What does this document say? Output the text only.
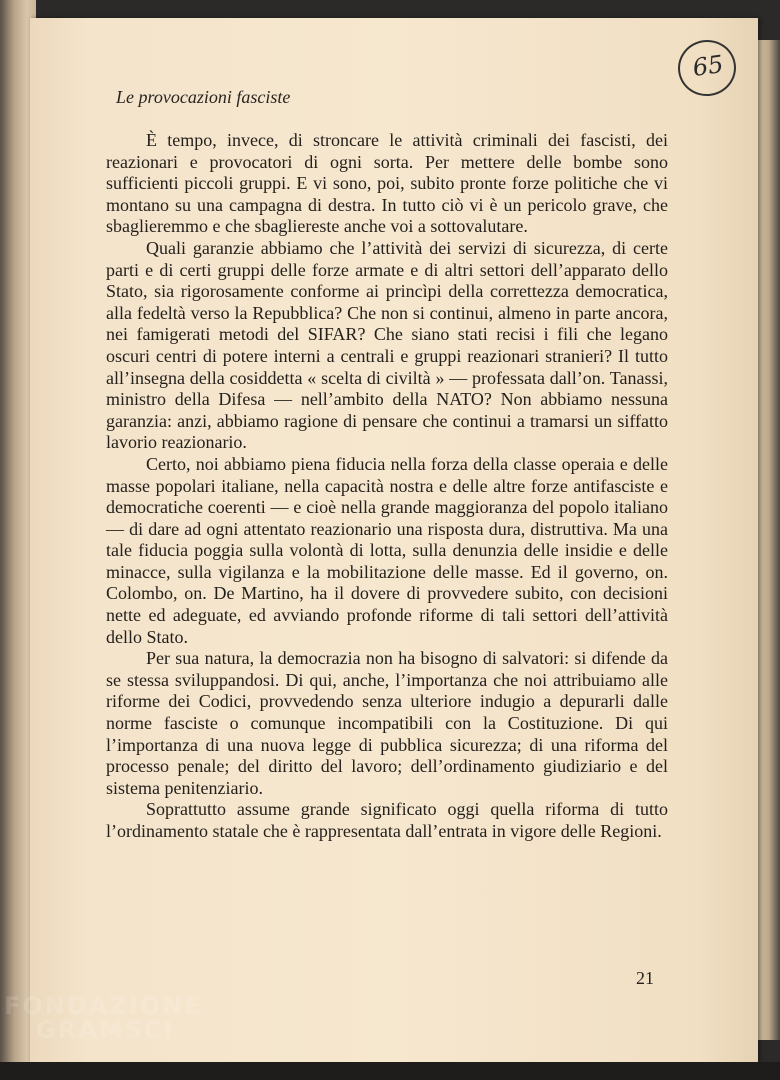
65
Le provocazioni fasciste

È tempo, invece, di stroncare le attività criminali dei fascisti, dei reazionari e provocatori di ogni sorta. Per mettere delle bombe sono sufficienti piccoli gruppi. E vi sono, poi, subito pronte forze politiche che vi montano su una campagna di destra. In tutto ciò vi è un pericolo grave, che sbaglieremmo e che sbagliereste anche voi a sottovalutare.

Quali garanzie abbiamo che l’attività dei servizi di sicurezza, di certe parti e di certi gruppi delle forze armate e di altri settori dell’apparato dello Stato, sia rigorosamente conforme ai princìpi della correttezza democratica, alla fedeltà verso la Repubblica? Che non si continui, almeno in parte ancora, nei famigerati metodi del SIFAR? Che siano stati recisi i fili che legano oscuri centri di potere interni a centrali e gruppi reazionari stranieri? Il tutto all’insegna della cosiddetta « scelta di civiltà » — professata dall’on. Tanassi, ministro della Difesa — nell’ambito della NATO? Non abbiamo nessuna garanzia: anzi, abbiamo ragione di pensare che continui a tramarsi un siffatto lavorio reazionario.

Certo, noi abbiamo piena fiducia nella forza della classe operaia e delle masse popolari italiane, nella capacità nostra e delle altre forze antifasciste e democratiche coerenti — e cioè nella grande maggioranza del popolo italiano — di dare ad ogni attentato reazionario una risposta dura, distruttiva. Ma una tale fiducia poggia sulla volontà di lotta, sulla denunzia delle insidie e delle minacce, sulla vigilanza e la mobilitazione delle masse. Ed il governo, on. Colombo, on. De Martino, ha il dovere di provvedere subito, con decisioni nette ed adeguate, ed avviando profonde riforme di tali settori dell’attività dello Stato.

Per sua natura, la democrazia non ha bisogno di salvatori: si difende da se stessa sviluppandosi. Di qui, anche, l’importanza che noi attribuiamo alle riforme dei Codici, provvedendo senza ulteriore indugio a depurarli dalle norme fasciste o comunque incompatibili con la Costituzione. Di qui l’importanza di una nuova legge di pubblica sicurezza; di una riforma del processo penale; del diritto del lavoro; dell’ordinamento giudiziario e del sistema penitenziario.

Soprattutto assume grande significato oggi quella riforma di tutto l’ordinamento statale che è rappresentata dall’entrata in vigore delle Regioni.

21
FONDAZIONE
GRAMSCI
